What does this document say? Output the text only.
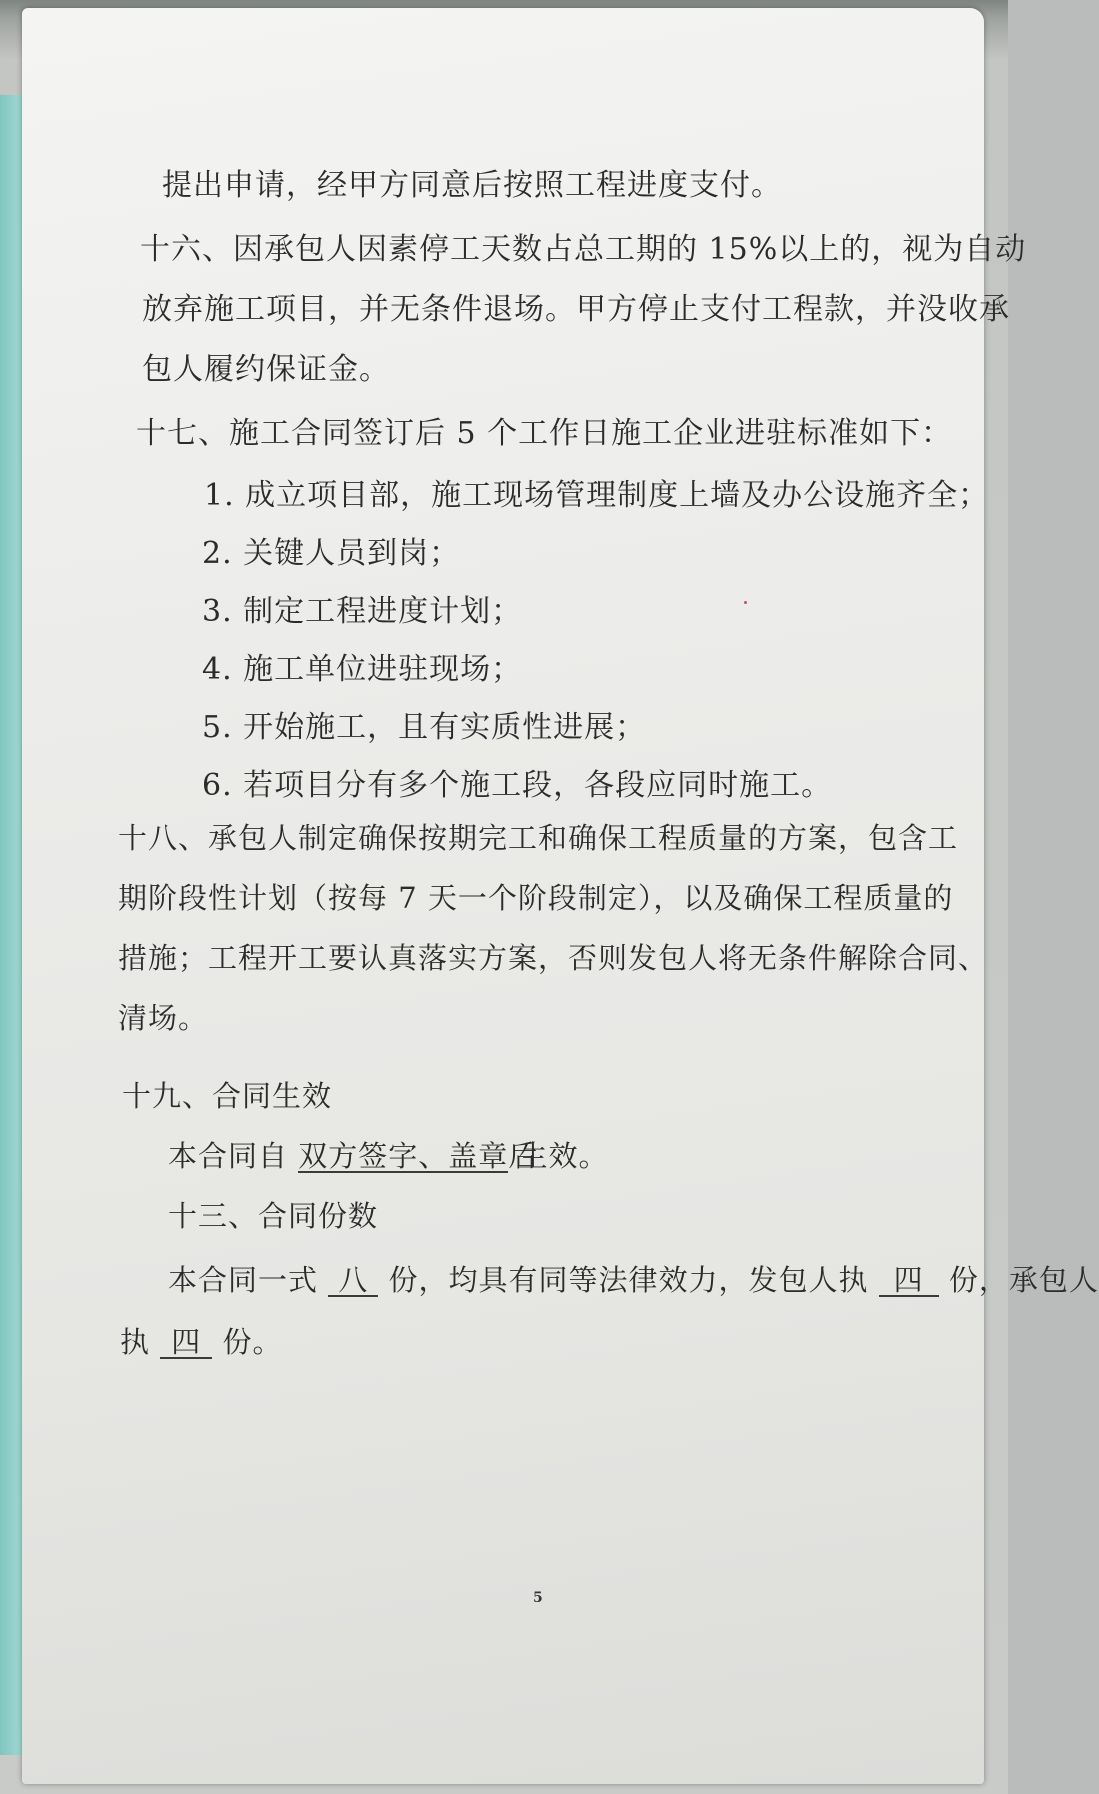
提出申请，经甲方同意后按照工程进度支付。
十六、因承包人因素停工天数占总工期的 15%以上的，视为自动
放弃施工项目，并无条件退场。甲方停止支付工程款，并没收承
包人履约保证金。
十七、施工合同签订后 5 个工作日施工企业进驻标准如下：
1. 成立项目部，施工现场管理制度上墙及办公设施齐全；
2. 关键人员到岗；
3. 制定工程进度计划；
4. 施工单位进驻现场；
5. 开始施工，且有实质性进展；
6. 若项目分有多个施工段，各段应同时施工。
十八、承包人制定确保按期完工和确保工程质量的方案，包含工
期阶段性计划（按每 7 天一个阶段制定），以及确保工程质量的
措施；工程开工要认真落实方案，否则发包人将无条件解除合同、
清场。
十九、合同生效
本合同自 双方签字、盖章后 生效。
十三、合同份数
本合同一式 八 份，均具有同等法律效力，发包人执 四 份，承包人
执 四 份。
5
